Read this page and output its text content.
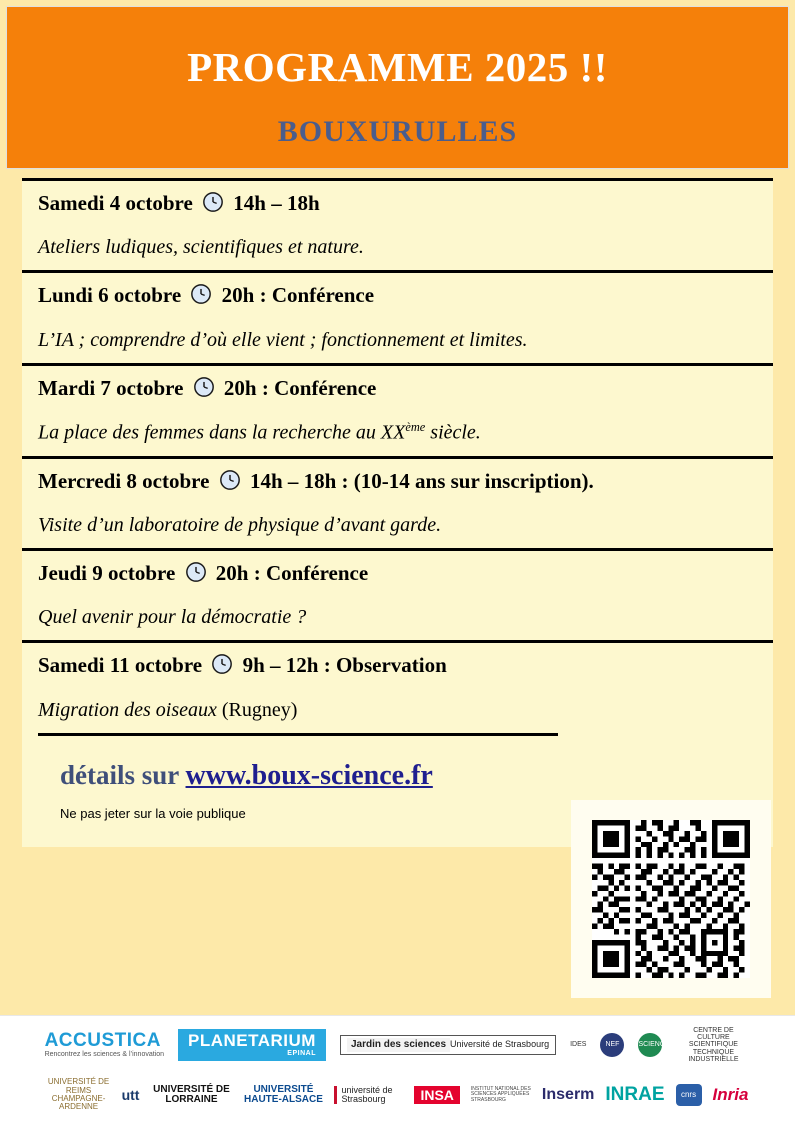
PROGRAMME 2025 !!
BOUXURULLES
Samedi 4 octobre 14h – 18h
Ateliers ludiques, scientifiques et nature.
Lundi 6 octobre 20h : Conférence
L’IA ; comprendre d’où elle vient ; fonctionnement et limites.
Mardi 7 octobre 20h : Conférence
La place des femmes dans la recherche au XXème siècle.
Mercredi 8 octobre 14h – 18h : (10-14 ans sur inscription).
Visite d’un laboratoire de physique d’avant garde.
Jeudi 9 octobre 20h : Conférence
Quel avenir pour la démocratie ?
Samedi 11 octobre 9h – 12h : Observation
Migration des oiseaux (Rugney)
détails sur www.boux-science.fr
Ne pas jeter sur la voie publique
ACCUSTICA
Rencontrez les sciences & l’innovation
PLANETARIUM
EPINAL
Jardin des sciences Université de Strasbourg	IDES	NEF	SCIENCES
CENTRE DE CULTURE SCIENTIFIQUE TECHNIQUE INDUSTRIELLE
UNIVERSITÉ DE REIMS CHAMPAGNE-ARDENNE
utt UNIVERSITÉ DE LORRAINE
UNIVERSITÉ HAUTE-ALSACE
université de Strasbourg	INSA	INSTITUT NATIONAL DES SCIENCES APPLIQUÉES STRASBOURG	Inserm INRAE	cnrs Inria
